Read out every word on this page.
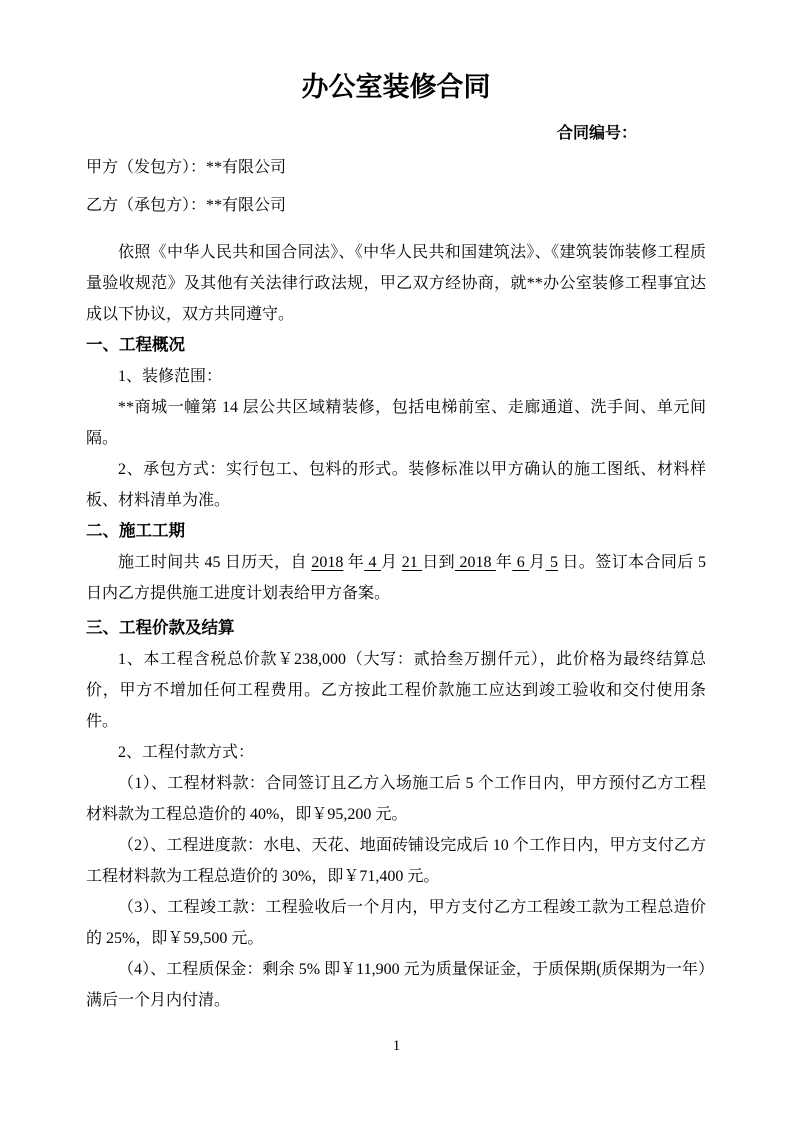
办公室装修合同

合同编号：

甲方（发包方）：**有限公司

乙方（承包方）：**有限公司

依照《中华人民共和国合同法》、《中华人民共和国建筑法》、《建筑装饰装修工程质量验收规范》及其他有关法律行政法规，甲乙双方经协商，就**办公室装修工程事宜达成以下协议，双方共同遵守。

一、工程概况

1、装修范围：

**商城一幢第 14 层公共区域精装修，包括电梯前室、走廊通道、洗手间、单元间隔。

2、承包方式：实行包工、包料的形式。装修标准以甲方确认的施工图纸、材料样板、材料清单为准。

二、施工工期

施工时间共 45 日历天，自 2018 年 4 月 21 日到 2018 年 6 月 5 日。签订本合同后 5 日内乙方提供施工进度计划表给甲方备案。

三、工程价款及结算

1、本工程含税总价款￥238,000（大写：贰拾叁万捌仟元），此价格为最终结算总价，甲方不增加任何工程费用。乙方按此工程价款施工应达到竣工验收和交付使用条件。

2、工程付款方式：

（1）、工程材料款：合同签订且乙方入场施工后 5 个工作日内，甲方预付乙方工程材料款为工程总造价的 40%，即￥95,200 元。

（2）、工程进度款：水电、天花、地面砖铺设完成后 10 个工作日内，甲方支付乙方工程材料款为工程总造价的 30%，即￥71,400 元。

（3）、工程竣工款：工程验收后一个月内，甲方支付乙方工程竣工款为工程总造价的 25%，即￥59,500 元。

（4）、工程质保金：剩余 5% 即￥11,900 元为质量保证金，于质保期(质保期为一年）满后一个月内付清。

1
